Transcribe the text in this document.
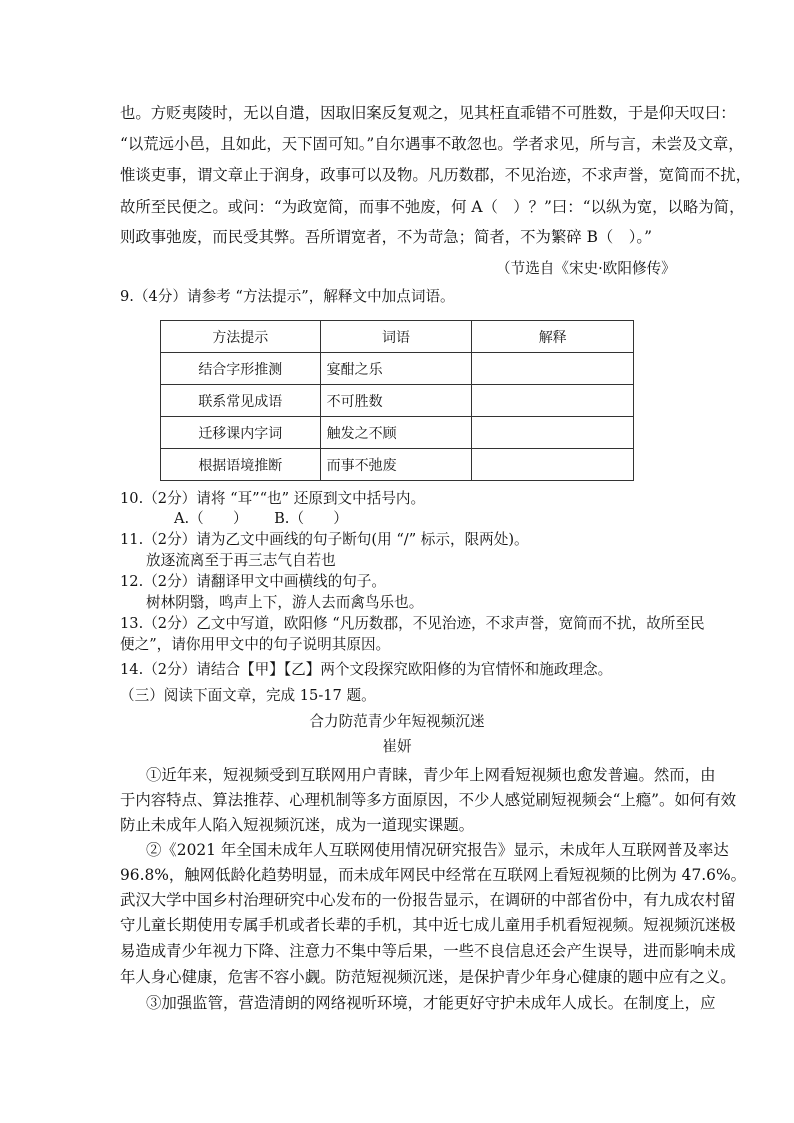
也。方贬夷陵时，无以自遣，因取旧案反复观之，见其枉直乖错不可胜数，于是仰天叹曰：
“以荒远小邑，且如此，天下固可知。”自尔遇事不敢忽也。学者求见，所与言，未尝及文章，
惟谈吏事，谓文章止于润身，政事可以及物。凡历数郡，不见治迹，不求声誉，宽简而不扰，
故所至民便之。或问：“为政宽简，而事不弛废，何 A（　）？”曰：“以纵为宽，以略为简，
则政事弛废，而民受其弊。吾所谓宽者，不为苛急；简者，不为繁碎 B（　）。”
（节选自《宋史·欧阳修传》
9.（4分）请参考 “方法提示”，解释文中加点词语。
方法提示	词语	解释
结合字形推测	宴酣之乐	
联系常见成语	不可胜数	
迁移课内字词	触发之不顾	
根据语境推断	而事不弛废	
10.（2分）请将 “耳”“也” 还原到文中括号内。
A.（　　）　　 B.（　　）
11.（2分）请为乙文中画线的句子断句(用 “/” 标示，限两处)。
放逐流离至于再三志气自若也
12.（2分）请翻译甲文中画横线的句子。
树林阴翳，鸣声上下，游人去而禽鸟乐也。
13.（2分）乙文中写道，欧阳修 “凡历数郡，不见治迹，不求声誉，宽简而不扰，故所至民
便之”，请你用甲文中的句子说明其原因。
14.（2分）请结合【甲】【乙】两个文段探究欧阳修的为官情怀和施政理念。
（三）阅读下面文章，完成 15-17 题。
合力防范青少年短视频沉迷
崔妍
①近年来，短视频受到互联网用户青睐，青少年上网看短视频也愈发普遍。然而，由
于内容特点、算法推荐、心理机制等多方面原因，不少人感觉刷短视频会“上瘾”。如何有效
防止未成年人陷入短视频沉迷，成为一道现实课题。
②《2021 年全国未成年人互联网使用情况研究报告》显示，未成年人互联网普及率达
96.8%，触网低龄化趋势明显，而未成年网民中经常在互联网上看短视频的比例为 47.6%。
武汉大学中国乡村治理研究中心发布的一份报告显示，在调研的中部省份中，有九成农村留
守儿童长期使用专属手机或者长辈的手机，其中近七成儿童用手机看短视频。短视频沉迷极
易造成青少年视力下降、注意力不集中等后果，一些不良信息还会产生误导，进而影响未成
年人身心健康，危害不容小觑。防范短视频沉迷，是保护青少年身心健康的题中应有之义。
③加强监管，营造清朗的网络视听环境，才能更好守护未成年人成长。在制度上，应
